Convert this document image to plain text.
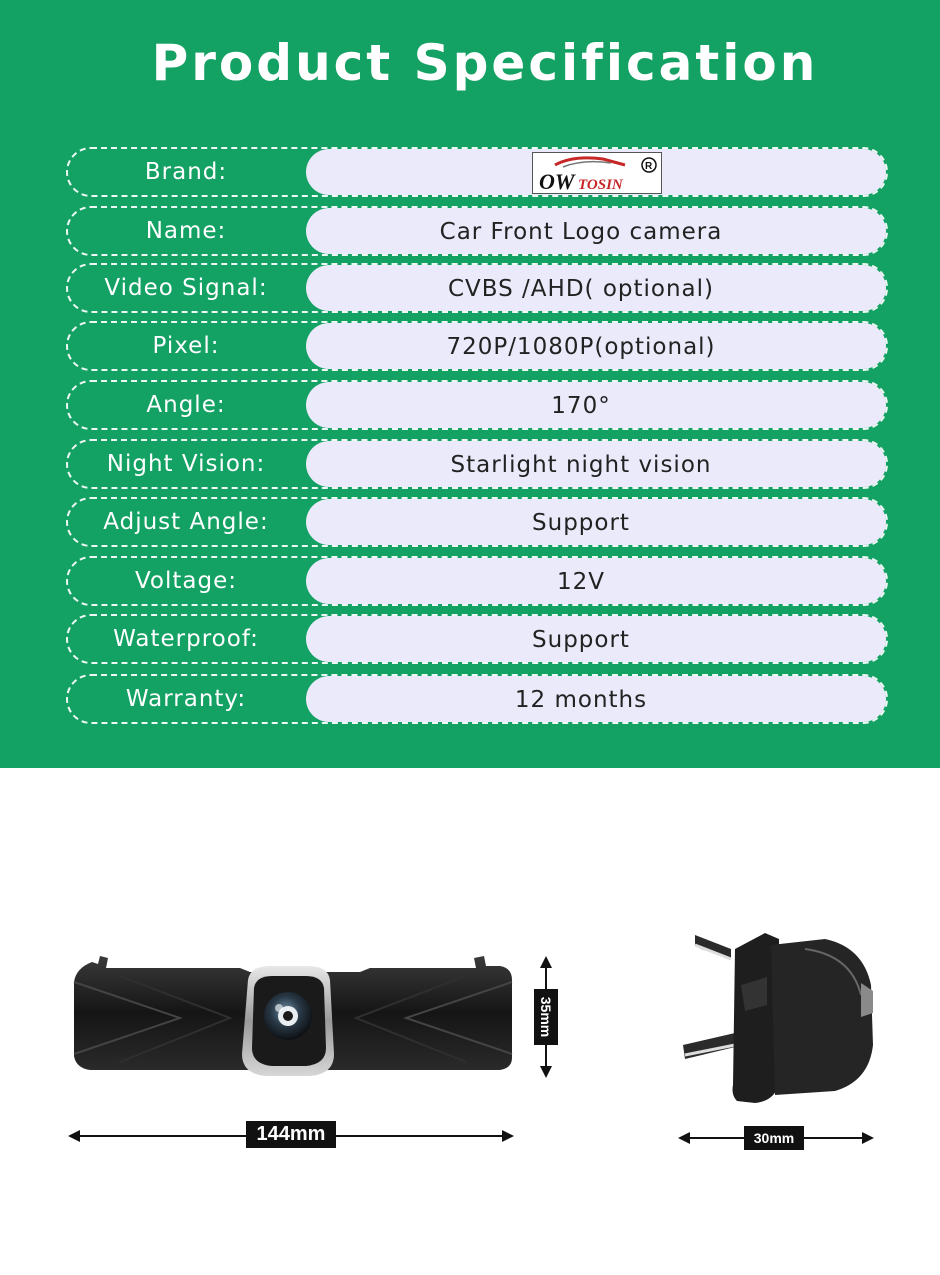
Product Specification
Brand:	OW TOSIN
R
Name:	Car Front Logo camera
Video Signal:	CVBS /AHD( optional)
Pixel:	720P/1080P(optional)
Angle:	170°
Night Vision:	Starlight night vision
Adjust Angle:	Support
Voltage:	12V
Waterproof:	Support
Warranty:	12 months
144mm
35mm
30mm
